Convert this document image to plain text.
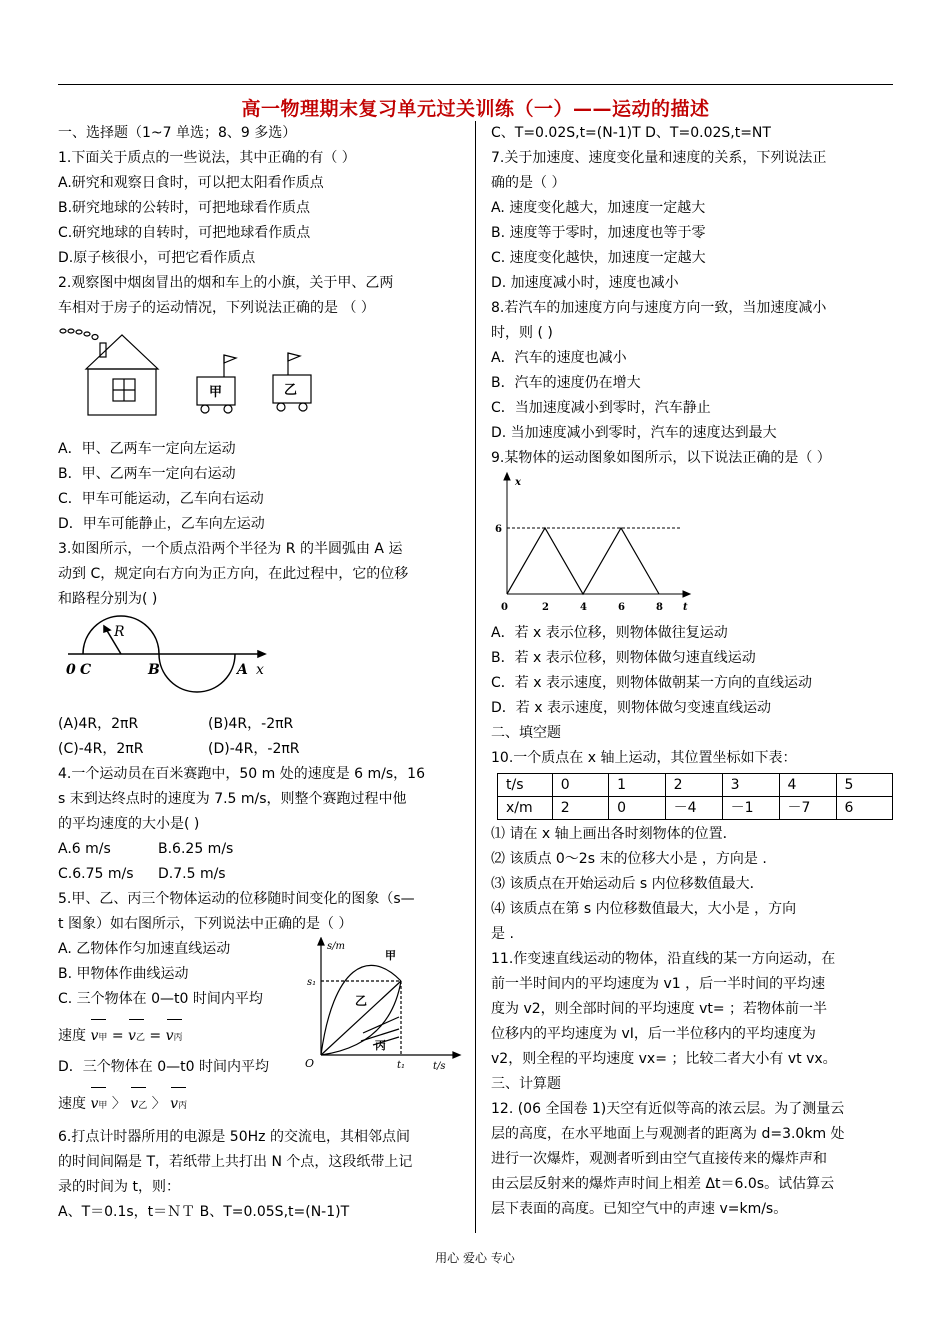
高一物理期末复习单元过关训练（一）——运动的描述
一、选择题（1~7 单选；8、9 多选）
1.下面关于质点的一些说法，其中正确的有（ ）
A.研究和观察日食时，可以把太阳看作质点
B.研究地球的公转时，可把地球看作质点
C.研究地球的自转时，可把地球看作质点
D.原子核很小，可把它看作质点
2.观察图中烟囱冒出的烟和车上的小旗，关于甲、乙两
车相对于房子的运动情况，下列说法正确的是 （ ）
甲	乙
A．甲、乙两车一定向左运动
B．甲、乙两车一定向右运动
C．甲车可能运动，乙车向右运动
D．甲车可能静止，乙车向左运动
3.如图所示，一个质点沿两个半径为 R 的半圆弧由 A 运
动到 C，规定向右方向为正方向，在此过程中，它的位移
和路程分别为( )
0 C	B	A x
R
(A)4R，2πR	(B)4R，-2πR
(C)-4R，2πR	(D)-4R，-2πR
4.一个运动员在百米赛跑中，50 m 处的速度是 6 m/s，16
s 末到达终点时的速度为 7.5 m/s，则整个赛跑过程中他
的平均速度的大小是( )
A.6 m/s	B.6.25 m/s
C.6.75 m/s	D.7.5 m/s
5.甲、乙、丙三个物体运动的位移随时间变化的图象（s—
t 图象）如右图所示，下列说法中正确的是（ ）
A. 乙物体作匀加速直线运动
B. 甲物体作曲线运动
C. 三个物体在 0—t0 时间内平均
速度 v甲 = v乙 = v丙
D．三个物体在 0—t0 时间内平均
速度 v甲 〉 v乙 〉 v丙
s/m
t/s
O
s₁
t₁
甲
乙
丙
6.打点计时器所用的电源是 50Hz 的交流电，其相邻点间
的时间间隔是 T，若纸带上共打出 N 个点，这段纸带上记
录的时间为 t，则：
A、T＝0.1s，t＝ＮＴ B、T=0.05S,t=(N-1)T
C、T=0.02S,t=(N-1)T D、T=0.02S,t=NT
7.关于加速度、速度变化量和速度的关系，下列说法正
确的是（ ）
A. 速度变化越大，加速度一定越大
B. 速度等于零时，加速度也等于零
C. 速度变化越快，加速度一定越大
D. 加速度减小时，速度也减小
8.若汽车的加速度方向与速度方向一致，当加速度减小
时，则 ( )
A．汽车的速度也减小
B．汽车的速度仍在增大
C．当加速度减小到零时，汽车静止
D. 当加速度减小到零时，汽车的速度达到最大
9.某物体的运动图象如图所示，以下说法正确的是（ ）
x
t
6
0	2	4	6	8
A．若 x 表示位移，则物体做往复运动
B．若 x 表示位移，则物体做匀速直线运动
C．若 x 表示速度，则物体做朝某一方向的直线运动
D．若 x 表示速度，则物体做匀变速直线运动
二、填空题
10.一个质点在 x 轴上运动，其位置坐标如下表：
t/s	0	1	2	3	4	5
x/m	2	0	－4	－1	－7	6
⑴ 请在 x 轴上画出各时刻物体的位置．
⑵ 该质点 0～2s 末的位移大小是 ，方向是 .
⑶ 该质点在开始运动后 s 内位移数值最大．
⑷ 该质点在第 s 内位移数值最大，大小是 ，方向
是 .
11.作变速直线运动的物体，沿直线的某一方向运动，在
前一半时间内的平均速度为 v1 ，后一半时间的平均速
度为 v2，则全部时间的平均速度 vt= ；若物体前一半
位移内的平均速度为 vⅠ，后一半位移内的平均速度为
v2，则全程的平均速度 vx= ；比较二者大小有 vt vx。
三、计算题
12. (06 全国卷 1)天空有近似等高的浓云层。为了测量云
层的高度，在水平地面上与观测者的距离为 d=3.0km 处
进行一次爆炸，观测者听到由空气直接传来的爆炸声和
由云层反射来的爆炸声时间上相差 Δt＝6.0s。试估算云
层下表面的高度。已知空气中的声速 v=km/s。
用心 爱心 专心
